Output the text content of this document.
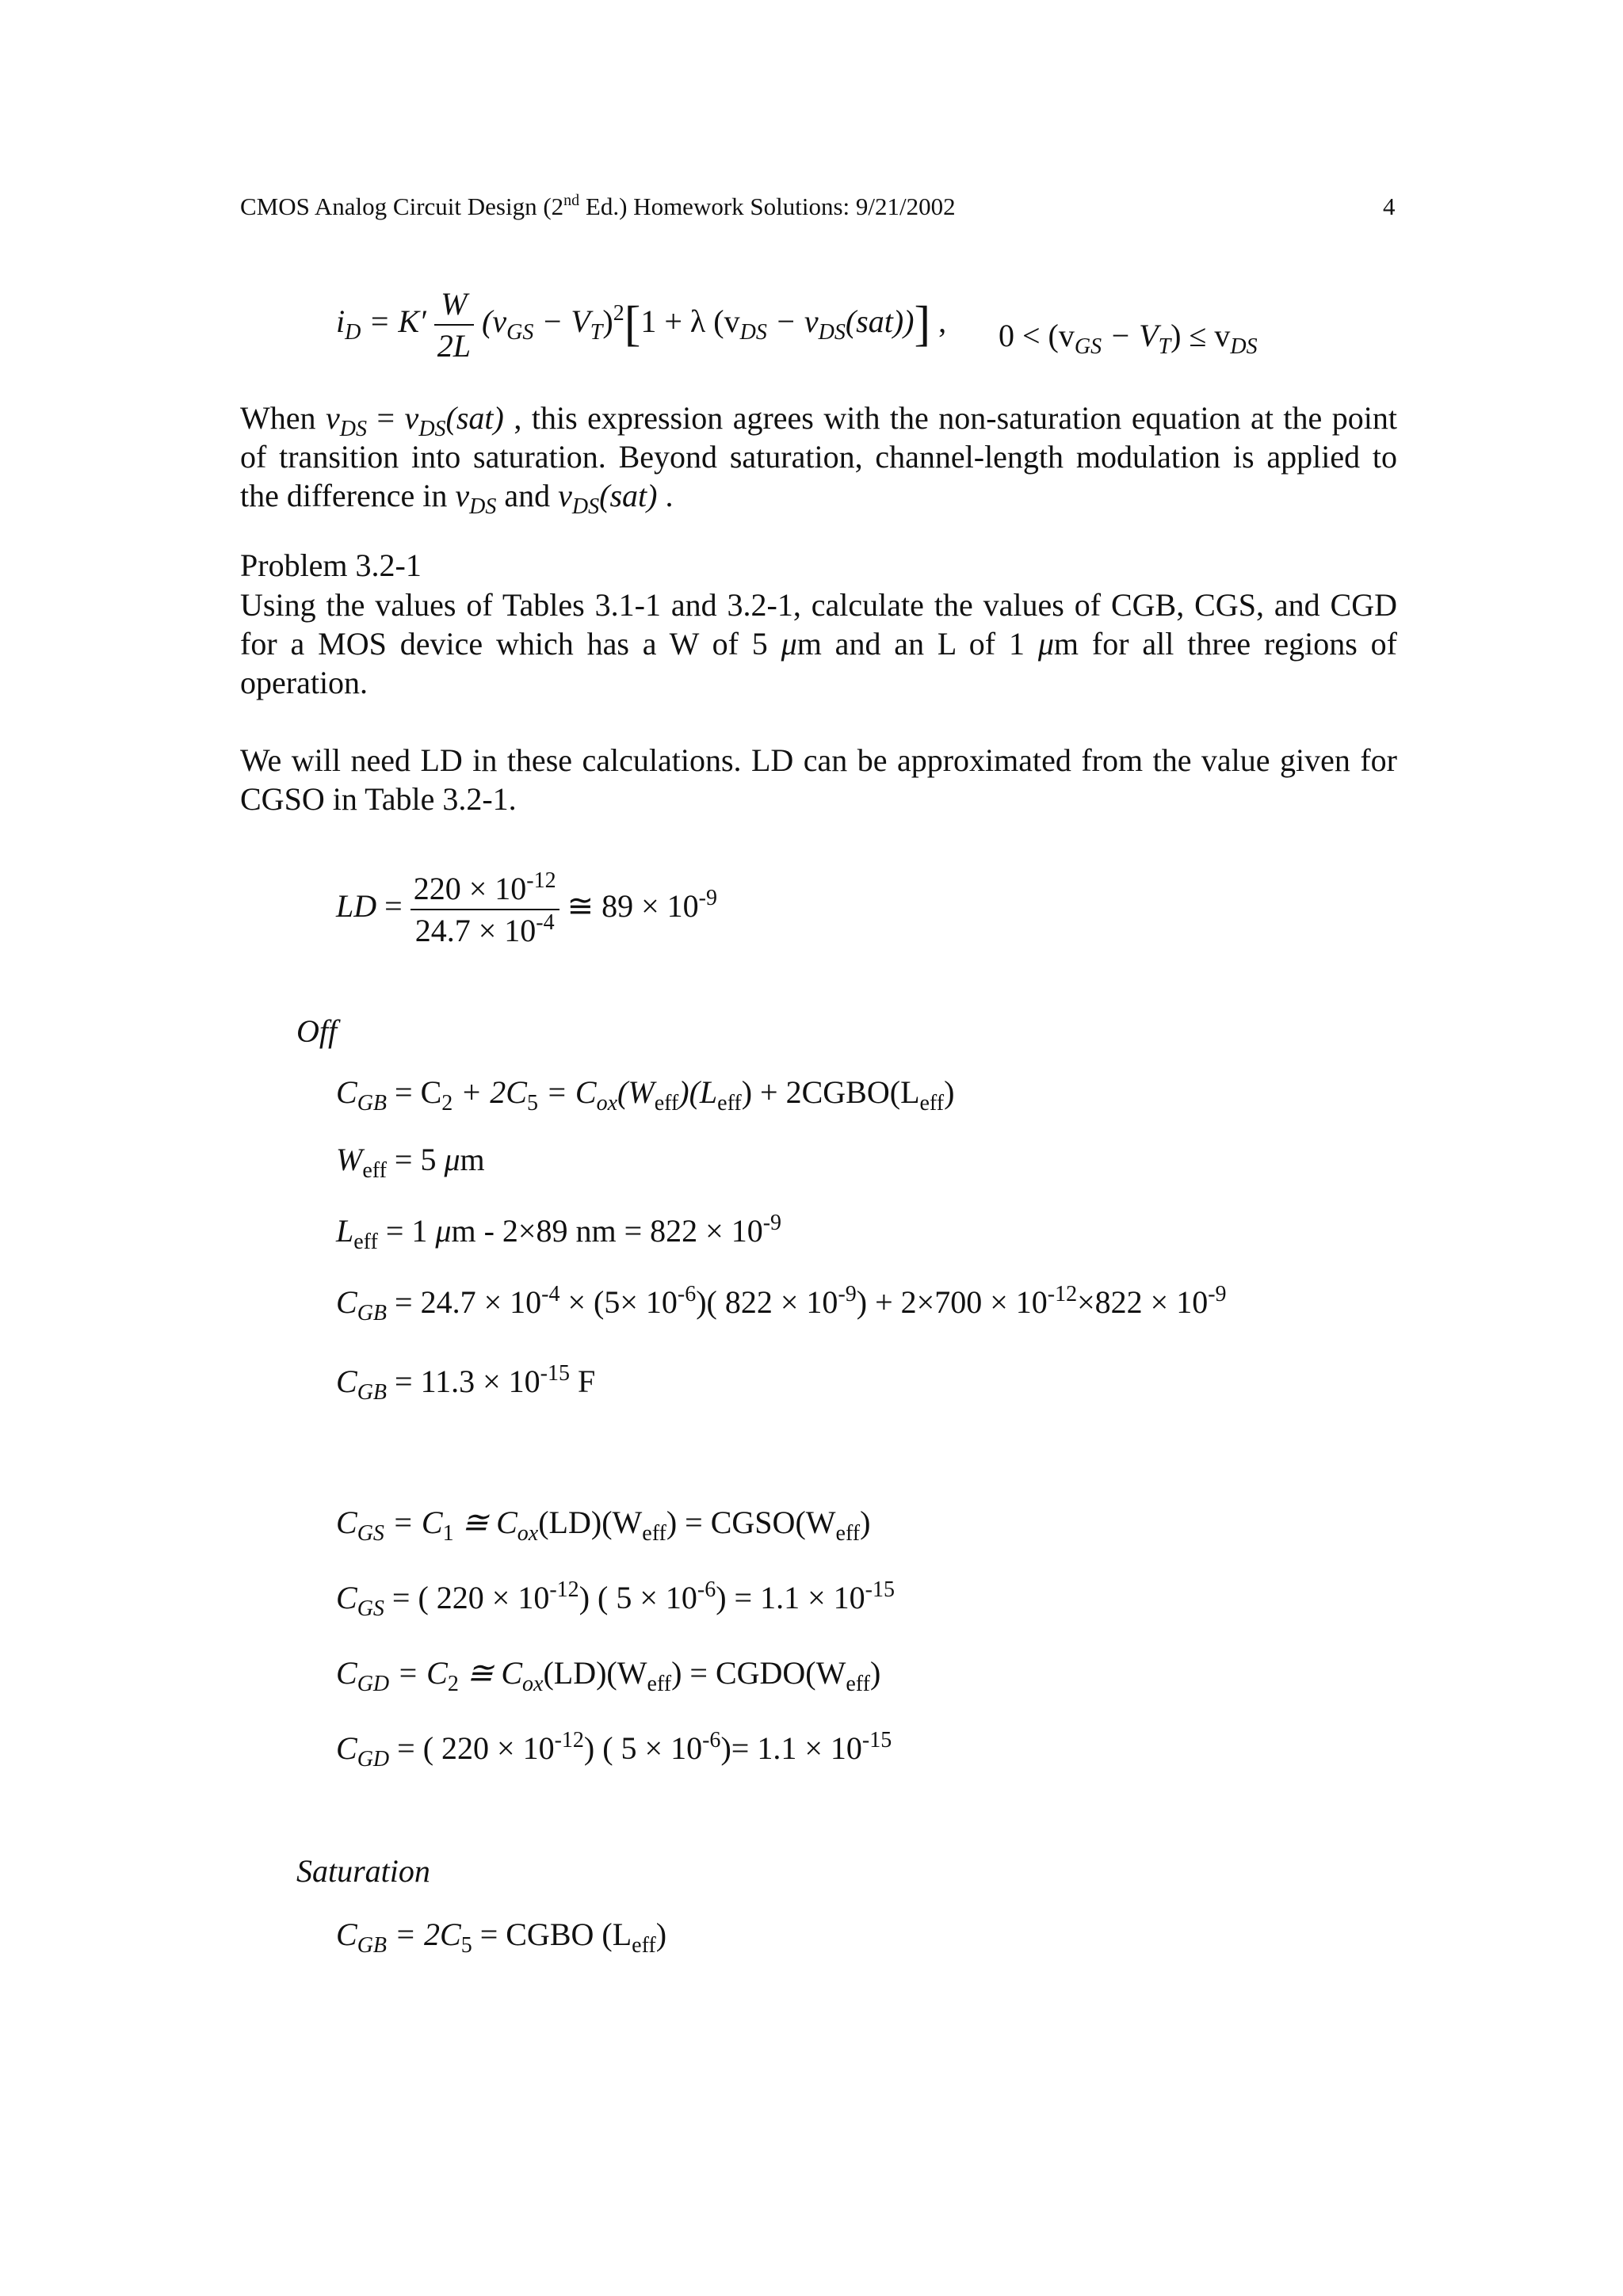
CMOS Analog Circuit Design (2nd Ed.) Homework Solutions: 9/21/2002	4
$i_D = K' \frac{W}{2L} (v_{GS} - V_T)^2[1 + \lambda$ $(v_{DS} - v_{DS}(sat))$] , $0 < (v_{GS} - V_T) \le v_{DS}$
When $v_{DS} = v_{DS}(sat)$ , this expression agrees with the non-saturation equation at the point of transition into saturation. Beyond saturation, channel-length modulation is applied to the difference in $v_{DS}$ and $v_{DS}(sat)$ .
Problem 3.2-1
Using the values of Tables 3.1-1 and 3.2-1, calculate the values of CGB, CGS, and CGD for a MOS device which has a W of 5 μm and an L of 1 μm for all three regions of operation.
We will need LD in these calculations. LD can be approximated from the value given for CGSO in Table 3.2-1.
LD = $\frac{220 \times 10^{-12}}{24.7 \times 10^{-4}}$ ≅ $89 \times 10^{-9}$
Off
$C_{GB} = C_2 + 2C_5 = C_{ox}(W_{eff})(L_{eff})$ + $2CGBO(L_{eff})$
$W_{eff} = 5$ μm
$L_{eff} = 1$ μm - 2×89 nm = $822 \times 10^{-9}$
$C_{GB} = 24.7 \times 10^{-4} \times (5\times 10^{-6})$( $822 \times 10^{-9}) + 2\times 700 \times 10^{-12}\times 822 \times 10^{-9}$
$C_{GB} = 11.3 \times 10^{-15}$ F
$C_{GS} = C_1$ ≅ $C_{ox}(LD)(W_{eff})$ = $CGSO(W_{eff})$
$C_{GS}$ = ( $220 \times 10^{-12}$) ( $5 \times 10^{-6}) = 1.1 \times 10^{-15}$
$C_{GD} = C_2$ ≅ $C_{ox}(LD)(W_{eff})$ = $CGDO(W_{eff})$
$C_{GD}$ = ( $220 \times 10^{-12}$) ( $5 \times 10^{-6})= 1.1 \times 10^{-15}$
Saturation
$C_{GB} = 2C_5$ = CGBO $(L_{eff})$
